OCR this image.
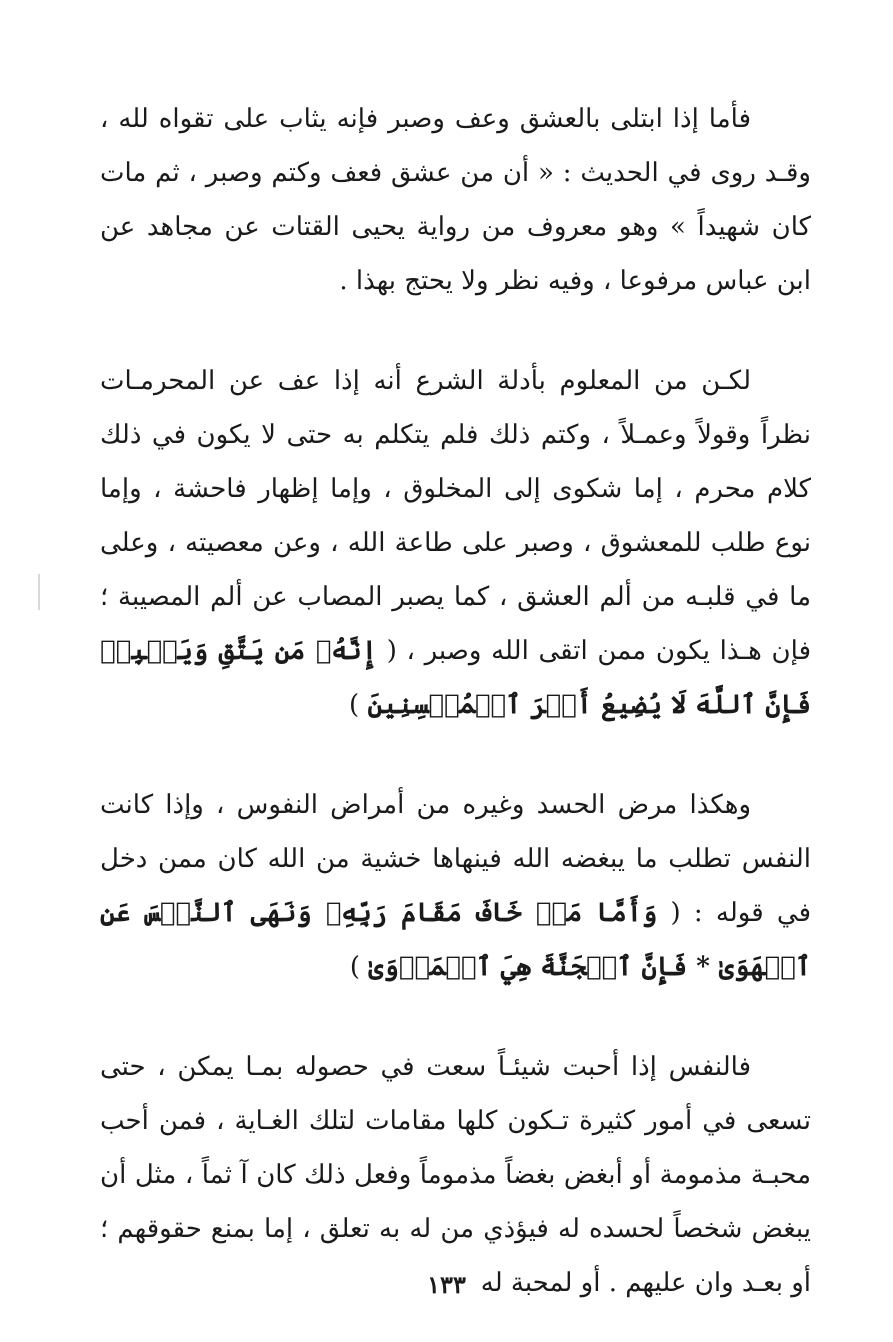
فأما إذا ابتلى بالعشق وعف وصبر فإنه يثاب على تقواه لله ، وقـد روى في الحديث : « أن من عشق فعف وكتم وصبر ، ثم مات كان شهيداً » وهو معروف من رواية يحيى القتات عن مجاهد عن ابن عباس مرفوعا ، وفيه نظر ولا يحتج بهذا .

لكـن من المعلوم بأدلة الشرع أنه إذا عف عن المحرمـات نظراً وقولاً وعمـلاً ، وكتم ذلك فلم يتكلم به حتى لا يكون في ذلك كلام محرم ، إما شكوى إلى المخلوق ، وإما إظهار فاحشة ، وإما نوع طلب للمعشوق ، وصبر على طاعة الله ، وعن معصيته ، وعلى ما في قلبـه من ألم العشق ، كما يصبر المصاب عن ألم المصيبة ؛ فإن هـذا يكون ممن اتقى الله وصبر ، ( إِنَّهُۥ مَن يَتَّقِ وَيَصۡبِرۡ فَإِنَّ ٱللَّهَ لَا يُضِيعُ أَجۡرَ ٱلۡمُحۡسِنِينَ )

وهكذا مرض الحسد وغيره من أمراض النفوس ، وإذا كانت النفس تطلب ما يبغضه الله فينهاها خشية من الله كان ممن دخل في قوله : ( وَأَمَّا مَنۡ خَافَ مَقَامَ رَبِّهِۦ وَنَهَى ٱلنَّفۡسَ عَنِ ٱلۡهَوَىٰ * فَإِنَّ ٱلۡجَنَّةَ هِيَ ٱلۡمَأۡوَىٰ )

فالنفس إذا أحبت شيئـاً سعت في حصوله بمـا يمكن ، حتى تسعى في أمور كثيرة تـكون كلها مقامات لتلك الغـاية ، فمن أحب محبـة مذمومة أو أبغض بغضاً مذموماً وفعل ذلك كان آ ثماً ، مثل أن يبغض شخصاً لحسده له فيؤذي من له به تعلق ، إما بمنع حقوقهم ؛ أو بعـد وان عليهم . أو لمحبة له

١٣٣
